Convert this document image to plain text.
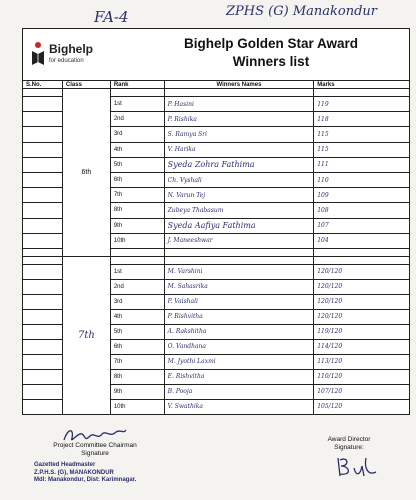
FA-4	ZPHS (G) Manakondur
Bighelp
for education
Bighelp Golden Star Award
Winners list
S.No.	Class	Rank	Winners Names	Marks
	6th			
		1st	P. Hasini	119
		2nd	P. Rishika	118
		3rd	S. Ramya Sri	115
		4th	V. Harika	115
		5th	Syeda Zohra Fathima	111
		6th	Ch. Vyshali	110
		7th	N. Varun Tej	109
		8th	Zubeya Thabasum	108
		9th	Syeda Aafiya Fathima	107
		10th	J. Maneeshwar	104

	7th			
		1st	M. Varshini	120/120
		2nd	M. Sahasrika	120/120
		3rd	P. Vaishali	120/120
		4th	P. Rishvitha	120/120
		5th	A. Rakshitha	119/120
		6th	O. Vandhana	114/120
		7th	M. Jyothi Laxmi	113/120
		8th	E. Rishvitha	110/120
		9th	B. Pooja	107/120
		10th	V. Swathika	105/120
Project Committee Chairman
Signature
Gazetted Headmaster
Z.P.H.S. (G), MANAKONDUR
Mdl: Manakondur, Dist: Karimnagar.
Award Director
Signature:
